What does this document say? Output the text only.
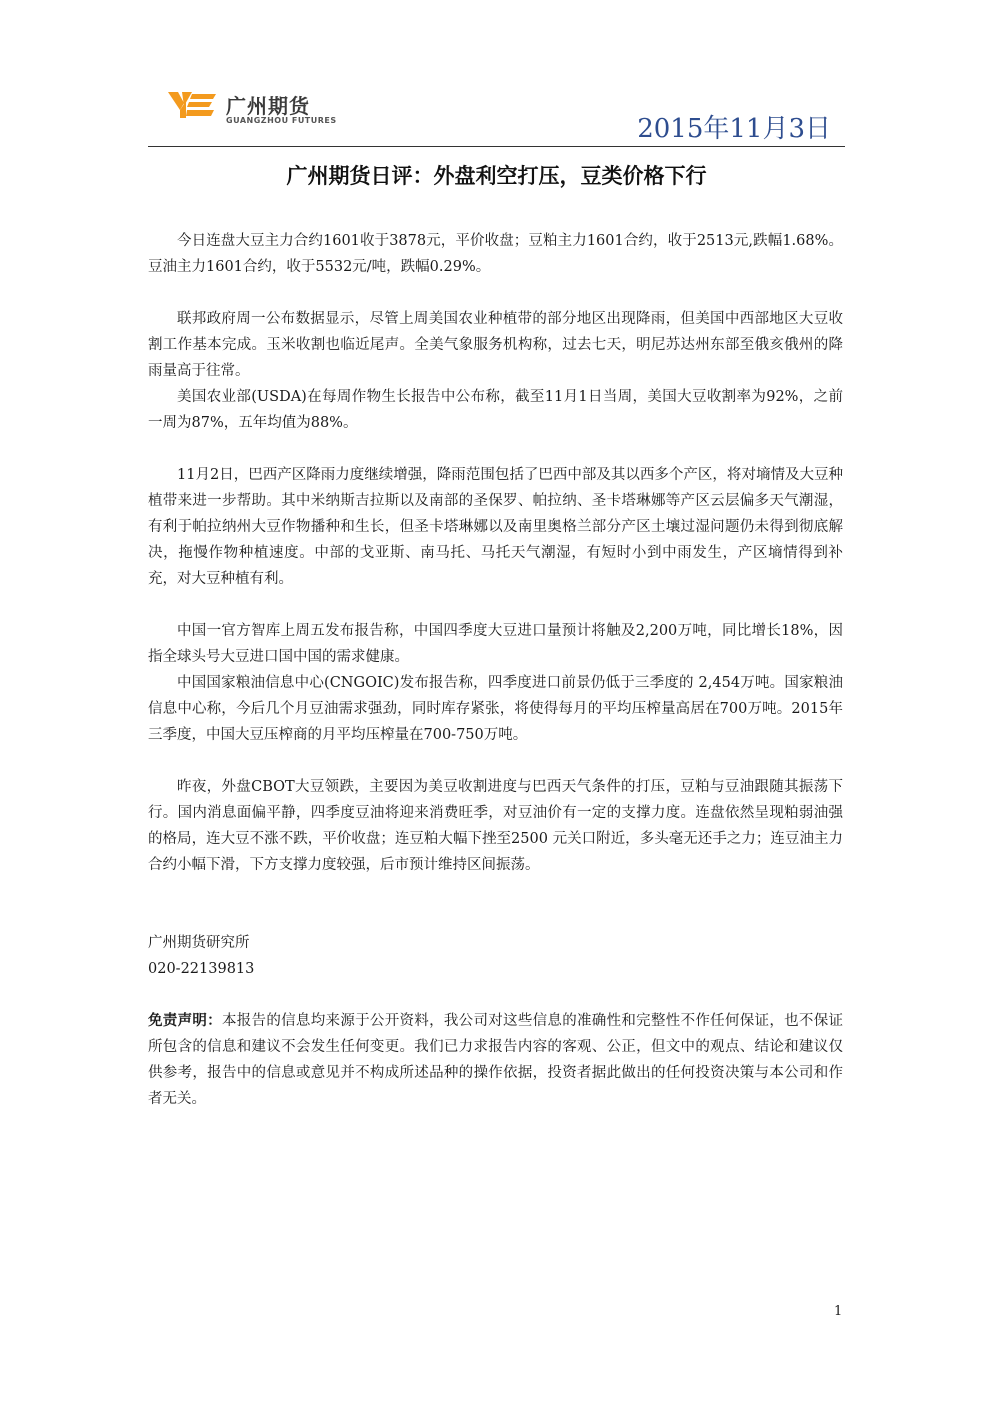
广州期货
GUANGZHOU FUTURES	2015年11月3日
广州期货日评：外盘利空打压，豆类价格下行

今日连盘大豆主力合约1601收于3878元，平价收盘；豆粕主力1601合约，收于2513元,跌幅1.68%。豆油主力1601合约，收于5532元/吨，跌幅0.29%。

联邦政府周一公布数据显示，尽管上周美国农业种植带的部分地区出现降雨，但美国中西部地区大豆收割工作基本完成。玉米收割也临近尾声。全美气象服务机构称，过去七天，明尼苏达州东部至俄亥俄州的降雨量高于往常。

美国农业部(USDA)在每周作物生长报告中公布称，截至11月1日当周，美国大豆收割率为92%，之前一周为87%，五年均值为88%。

11月2日，巴西产区降雨力度继续增强，降雨范围包括了巴西中部及其以西多个产区，将对墒情及大豆种植带来进一步帮助。其中米纳斯吉拉斯以及南部的圣保罗、帕拉纳、圣卡塔琳娜等产区云层偏多天气潮湿，有利于帕拉纳州大豆作物播种和生长，但圣卡塔琳娜以及南里奥格兰部分产区土壤过湿问题仍未得到彻底解决，拖慢作物种植速度。中部的戈亚斯、南马托、马托天气潮湿，有短时小到中雨发生，产区墒情得到补充，对大豆种植有利。

中国一官方智库上周五发布报告称，中国四季度大豆进口量预计将触及2,200万吨，同比增长18%，因指全球头号大豆进口国中国的需求健康。

中国国家粮油信息中心(CNGOIC)发布报告称，四季度进口前景仍低于三季度的 2,454万吨。国家粮油信息中心称，今后几个月豆油需求强劲，同时库存紧张，将使得每月的平均压榨量高居在700万吨。2015年三季度，中国大豆压榨商的月平均压榨量在700-750万吨。

昨夜，外盘CBOT大豆领跌，主要因为美豆收割进度与巴西天气条件的打压，豆粕与豆油跟随其振荡下行。国内消息面偏平静，四季度豆油将迎来消费旺季，对豆油价有一定的支撑力度。连盘依然呈现粕弱油强的格局，连大豆不涨不跌，平价收盘；连豆粕大幅下挫至2500 元关口附近，多头毫无还手之力；连豆油主力合约小幅下滑，下方支撑力度较强，后市预计维持区间振荡。

广州期货研究所

020-22139813

免责声明：本报告的信息均来源于公开资料，我公司对这些信息的准确性和完整性不作任何保证，也不保证所包含的信息和建议不会发生任何变更。我们已力求报告内容的客观、公正，但文中的观点、结论和建议仅供参考，报告中的信息或意见并不构成所述品种的操作依据，投资者据此做出的任何投资决策与本公司和作者无关。

1
